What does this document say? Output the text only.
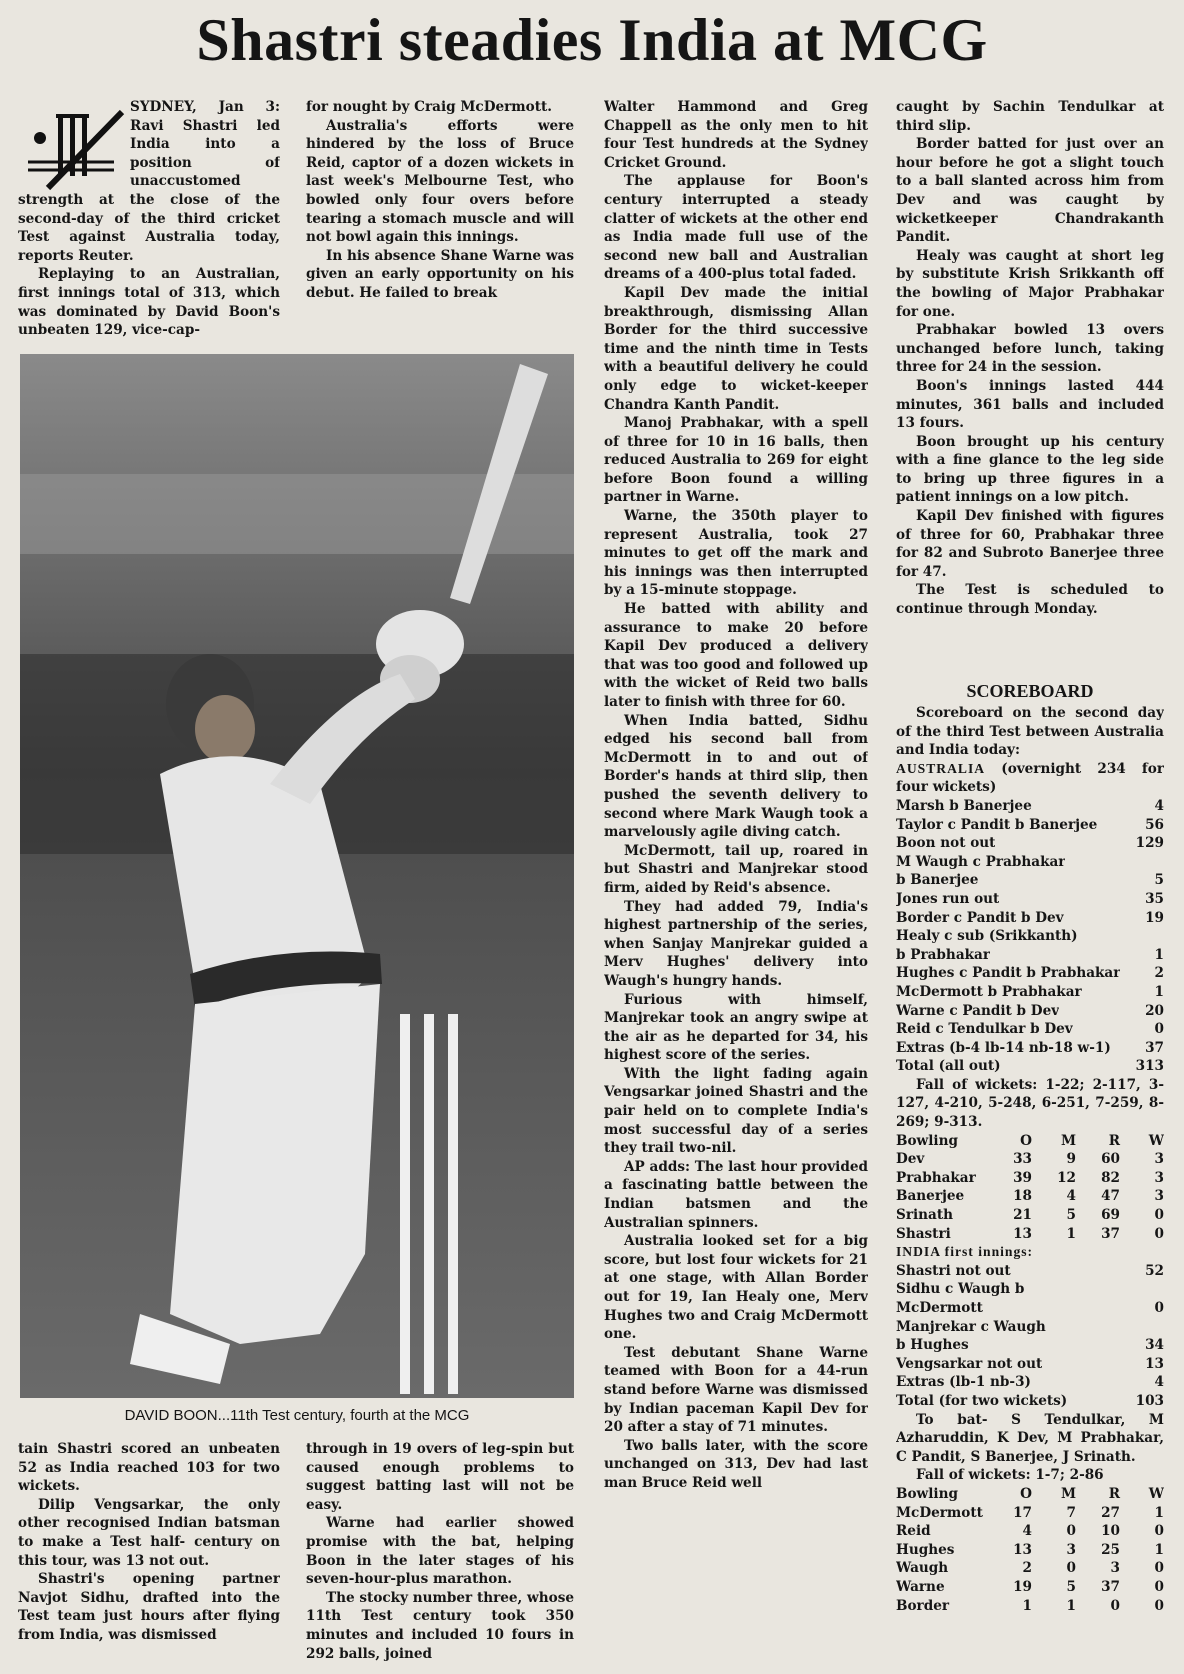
Shastri steadies India at MCG

SYDNEY, Jan 3: Ravi Shastri led India into a position of unaccustomed strength at the close of the second-day of the third cricket Test against Australia today, reports Reuter.

Replaying to an Australian, first innings total of 313, which was dominated by David Boon's unbeaten 129, vice-cap-

for nought by Craig McDermott.

Australia's efforts were hindered by the loss of Bruce Reid, captor of a dozen wickets in last week's Melbourne Test, who bowled only four overs before tearing a stomach muscle and will not bowl again this innings.

In his absence Shane Warne was given an early opportunity on his debut. He failed to break

DAVID BOON...11th Test century, fourth at the MCG

tain Shastri scored an unbeaten 52 as India reached 103 for two wickets.

Dilip Vengsarkar, the only other recognised Indian batsman to make a Test half- century on this tour, was 13 not out.

Shastri's opening partner Navjot Sidhu, drafted into the Test team just hours after flying from India, was dismissed

through in 19 overs of leg-spin but caused enough problems to suggest batting last will not be easy.

Warne had earlier showed promise with the bat, helping Boon in the later stages of his seven-hour-plus marathon.

The stocky number three, whose 11th Test century took 350 minutes and included 10 fours in 292 balls, joined

Walter Hammond and Greg Chappell as the only men to hit four Test hundreds at the Sydney Cricket Ground.

The applause for Boon's century interrupted a steady clatter of wickets at the other end as India made full use of the second new ball and Australian dreams of a 400-plus total faded.

Kapil Dev made the initial breakthrough, dismissing Allan Border for the third successive time and the ninth time in Tests with a beautiful delivery he could only edge to wicket-keeper Chandra Kanth Pandit.

Manoj Prabhakar, with a spell of three for 10 in 16 balls, then reduced Australia to 269 for eight before Boon found a willing partner in Warne.

Warne, the 350th player to represent Australia, took 27 minutes to get off the mark and his innings was then interrupted by a 15-minute stoppage.

He batted with ability and assurance to make 20 before Kapil Dev produced a delivery that was too good and followed up with the wicket of Reid two balls later to finish with three for 60.

When India batted, Sidhu edged his second ball from McDermott in to and out of Border's hands at third slip, then pushed the seventh delivery to second where Mark Waugh took a marvelously agile diving catch.

McDermott, tail up, roared in but Shastri and Manjrekar stood firm, aided by Reid's absence.

They had added 79, India's highest partnership of the series, when Sanjay Manjrekar guided a Merv Hughes' delivery into Waugh's hungry hands.

Furious with himself, Manjrekar took an angry swipe at the air as he departed for 34, his highest score of the series.

With the light fading again Vengsarkar joined Shastri and the pair held on to complete India's most successful day of a series they trail two-nil.

AP adds: The last hour provided a fascinating battle between the Indian batsmen and the Australian spinners.

Australia looked set for a big score, but lost four wickets for 21 at one stage, with Allan Border out for 19, Ian Healy one, Merv Hughes two and Craig McDermott one.

Test debutant Shane Warne teamed with Boon for a 44-run stand before Warne was dismissed by Indian paceman Kapil Dev for 20 after a stay of 71 minutes.

Two balls later, with the score unchanged on 313, Dev had last man Bruce Reid well

caught by Sachin Tendulkar at third slip.

Border batted for just over an hour before he got a slight touch to a ball slanted across him from Dev and was caught by wicketkeeper Chandrakanth Pandit.

Healy was caught at short leg by substitute Krish Srikkanth off the bowling of Major Prabhakar for one.

Prabhakar bowled 13 overs unchanged before lunch, taking three for 24 in the session.

Boon's innings lasted 444 minutes, 361 balls and included 13 fours.

Boon brought up his century with a fine glance to the leg side to bring up three figures in a patient innings on a low pitch.

Kapil Dev finished with figures of three for 60, Prabhakar three for 82 and Subroto Banerjee three for 47.

The Test is scheduled to continue through Monday.

SCOREBOARD

Scoreboard on the second day of the third Test between Australia and India today:

AUSTRALIA (overnight 234 for four wickets)
Marsh b Banerjee	4
Taylor c Pandit b Banerjee	56
Boon not out	129
M Waugh c Prabhakar
b Banerjee	5
Jones run out	35
Border c Pandit b Dev	19
Healy c sub (Srikkanth)
b Prabhakar	1
Hughes c Pandit b Prabhakar	2
McDermott b Prabhakar	1
Warne c Pandit b Dev	20
Reid c Tendulkar b Dev	0
Extras (b-4 lb-14 nb-18 w-1)	37
Total (all out)	313

Fall of wickets: 1-22; 2-117, 3-127, 4-210, 5-248, 6-251, 7-259, 8-269; 9-313.

Bowling	O	M	R	W
Dev	33	9	60	3
Prabhakar	39	12	82	3
Banerjee	18	4	47	3
Srinath	21	5	69	0
Shastri	13	1	37	0
INDIA first innings:
Shastri not out	52
Sidhu c Waugh b
McDermott	0
Manjrekar c Waugh
b Hughes	34
Vengsarkar not out	13
Extras (lb-1 nb-3)	4
Total (for two wickets)	103

To bat- S Tendulkar, M Azharuddin, K Dev, M Prabhakar, C Pandit, S Banerjee, J Srinath.

Fall of wickets: 1-7; 2-86

Bowling	O	M	R	W
McDermott	17	7	27	1
Reid	4	0	10	0
Hughes	13	3	25	1
Waugh	2	0	3	0
Warne	19	5	37	0
Border	1	1	0	0
